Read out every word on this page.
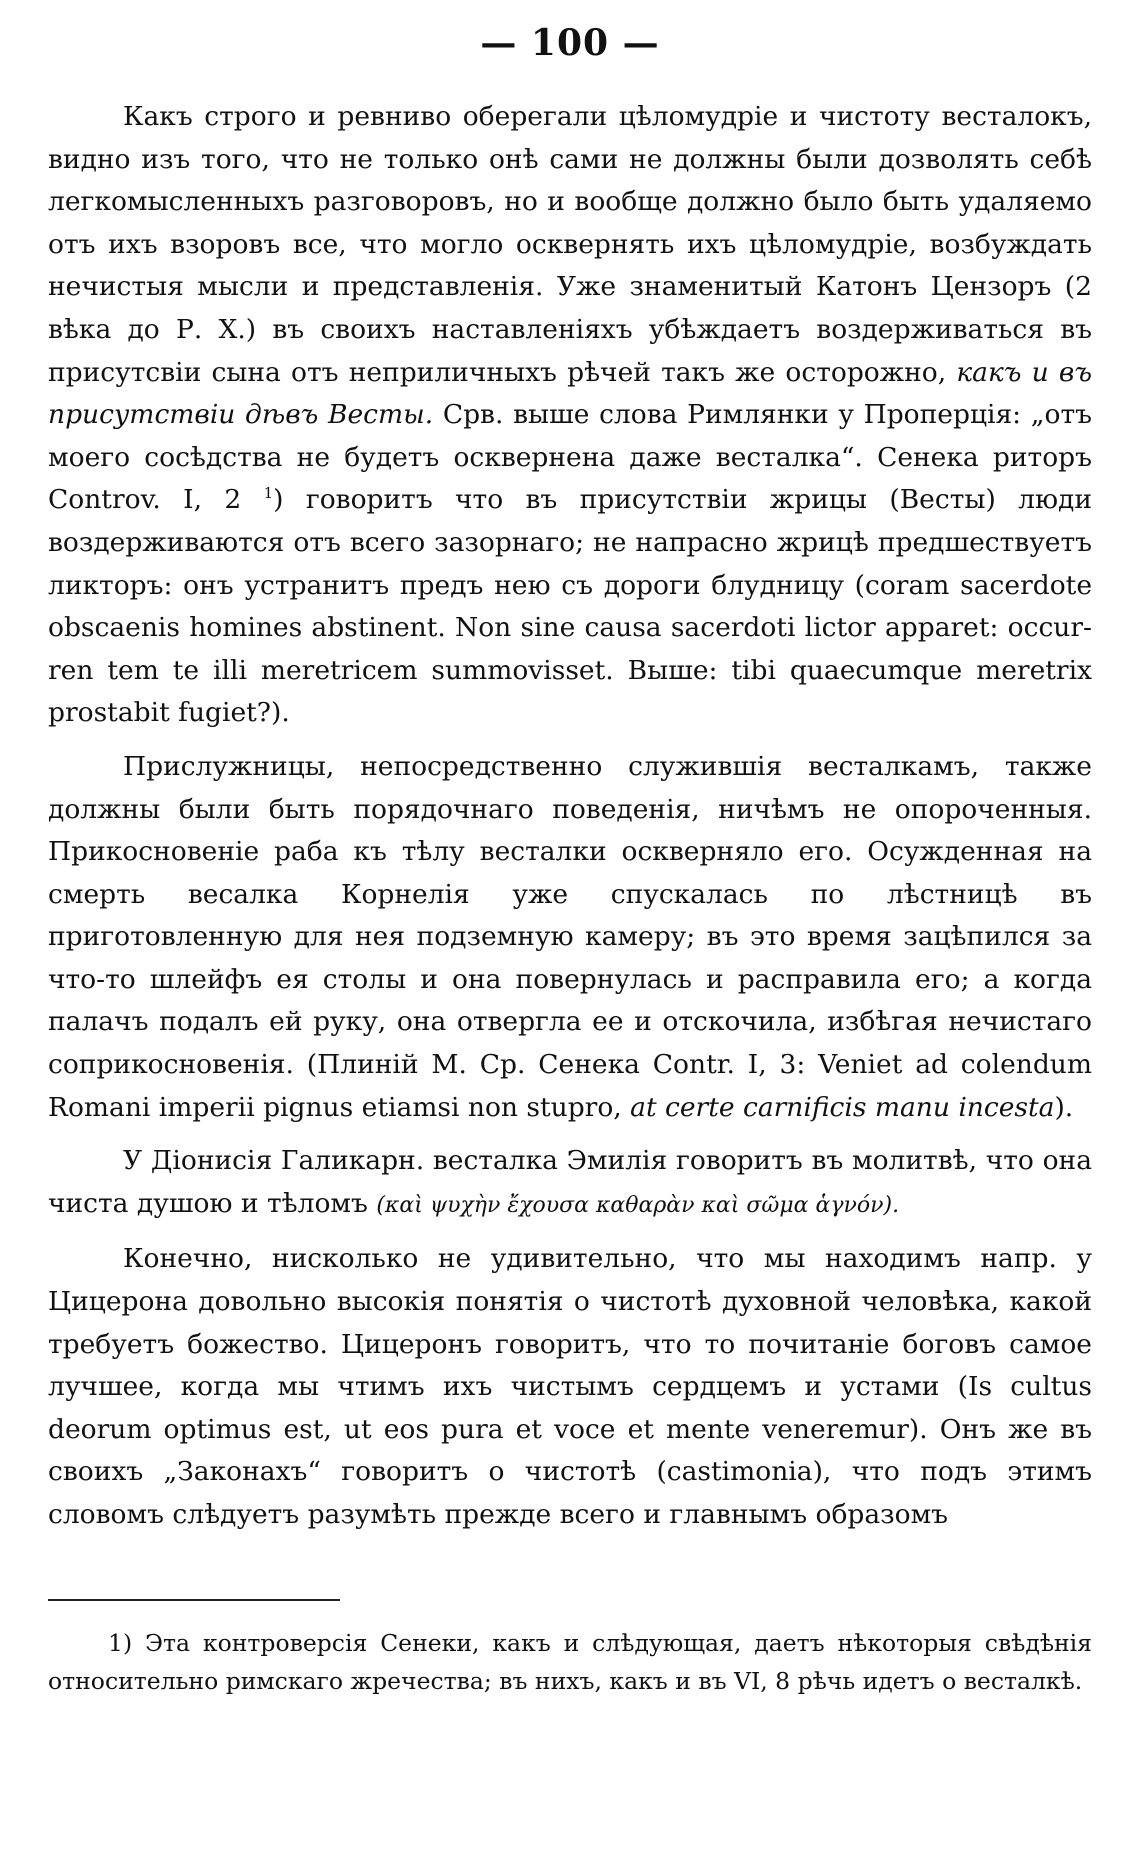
— 100 —

Какъ строго и ревниво оберегали цѣломудріе и чистоту весталокъ, видно изъ того, что не только онѣ сами не должны были дозволять себѣ легкомысленныхъ разговоровъ, но и вообще должно было быть удаляемо отъ ихъ взоровъ все, что могло осквернять ихъ цѣломудріе, возбуждать нечистыя мысли и представленія. Уже знаменитый Катонъ Цензоръ (2 вѣка до Р. Х.) въ своихъ наставленіяхъ убѣждаетъ воздерживаться въ присутсвіи сына отъ неприличныхъ рѣчей такъ же осторожно, какъ и въ присутствіи дѣвъ Весты. Срв. выше слова Римлянки у Проперція: „отъ моего сосѣдства не будетъ осквернена даже весталка“. Сенека риторъ Controv. I, 2 $^1$) говоритъ что въ присутствіи жрицы (Весты) люди воздерживаются отъ всего зазорнаго; не напрасно жрицѣ предшествуетъ ликторъ: онъ устранитъ предъ нею съ дороги блудницу (coram sacerdote obscaenis homines abstinent. Non sine causa sacerdoti lictor apparet: occurren tem te illi meretricem summovisset. Выше: tibi quaecumque meretrix prostabit fugiet?).

Прислужницы, непосредственно служившія весталкамъ, также должны были быть порядочнаго поведенія, ничѣмъ не опороченныя. Прикосновеніе раба къ тѣлу весталки оскверняло его. Осужденная на смерть весалка Корнелія уже спускалась по лѣстницѣ въ приготовленную для нея подземную камеру; въ это время зацѣпился за что-то шлейфъ ея столы и она повернулась и расправила его; а когда палачъ подалъ ей руку, она отвергла ее и отскочила, избѣгая нечистаго соприкосновенія. (Плиній М. Ср. Сенека Contr. I, 3: Veniet ad colendum Romani imperii pignus etiamsi non stupro, at certe carnificis manu incesta).

У Діонисія Галикарн. весталка Эмилія говоритъ въ молитвѣ, что она чиста душою и тѣломъ (καὶ ψυχὴν ἔχουσα καθαρὰν καὶ σῶμα ἁγνόν).

Конечно, нисколько не удивительно, что мы находимъ напр. у Цицерона довольно высокія понятія о чистотѣ духовной человѣка, какой требуетъ божество. Цицеронъ говоритъ, что то почитаніе боговъ самое лучшее, когда мы чтимъ ихъ чистымъ сердцемъ и устами (Is cultus deorum optimus est, ut eos pura et voce et mente veneremur). Онъ же въ своихъ „Законахъ“ говоритъ о чистотѣ (castimonia), что подъ этимъ словомъ слѣдуетъ разумѣть прежде всего и главнымъ образомъ

1) Эта контроверсія Сенеки, какъ и слѣдующая, даетъ нѣкоторыя свѣдѣнія относительно римскаго жречества; въ нихъ, какъ и въ VI, 8 рѣчь идетъ о весталкѣ.
